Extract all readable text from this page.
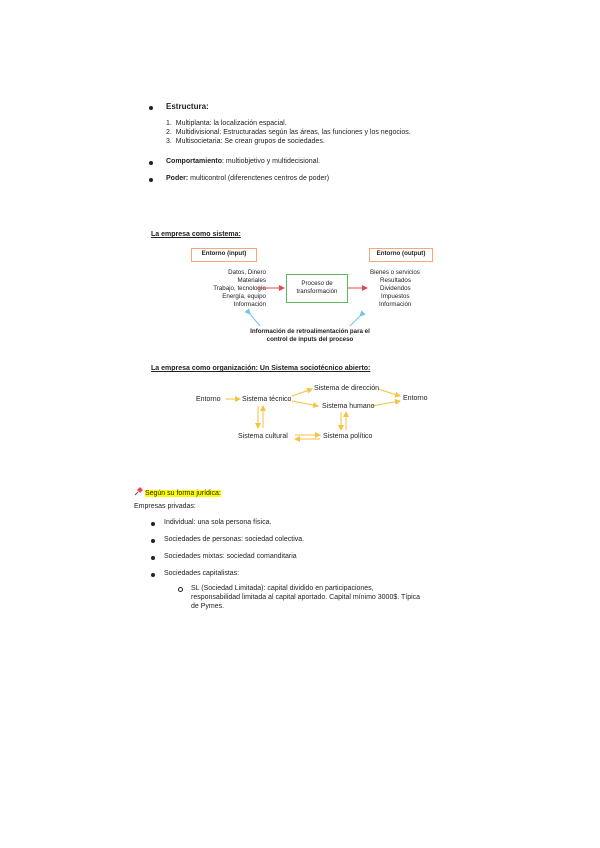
Estructura:
1.  Multiplanta: la localización espacial.
2.  Multidivisional: Estructuradas según las áreas, las funciones y los negocios.
3.  Multisocietaria: Se crean grupos de sociedades.
Comportamiento: multiobjetivo y multidecisional.
Poder: multicontrol (diferenctenes centros de poder)
La empresa como sistema:
Entorno (input)
Datos, Dinero
Materiales
Trabajo, tecnología
Energía, equipo
Información
Proceso de
transformación
Entorno (output)
Bienes o servicios
Resultados
Dividendos
Impuestos
Información
Información de retroalimentación para el
control de inputs del proceso
La empresa como organización: Un Sistema sociotécnico abierto:
Entorno	Sistema técnico
Sistema de dirección
Sistema humano
Entorno
Sistema cultural	Sistema político
Según su forma jurídica:
Empresas privadas:
Individual: una sola persona física.
Sociedades de personas: sociedad colectiva.
Sociedades mixtas: sociedad comanditaria
Sociedades capitalistas:
SL (Sociedad Limitada): capital dividido en participaciones,
responsabilidad limitada al capital aportado. Capital mínimo 3000$. Típica
de Pymes.
